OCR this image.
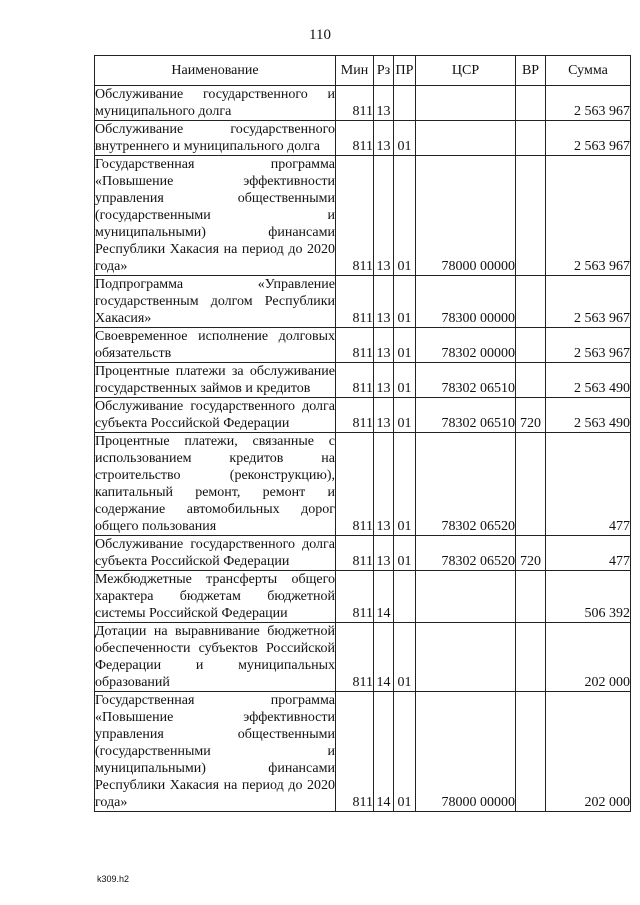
110
Наименование	Мин	Рз	ПР	ЦСР	ВР	Сумма
Обслуживание государственного и муниципального долга	811	13				2 563 967
Обслуживание государственного внутреннего и муниципального долга	811	13	01			2 563 967
Государственная программа «Повышение эффективности управления общественными (государственными и муниципальными) финансами Республики Хакасия на период до 2020 года»	811	13	01	78000 00000		2 563 967
Подпрограмма «Управление государственным долгом Республики Хакасия»	811	13	01	78300 00000		2 563 967
Своевременное исполнение долговых обязательств	811	13	01	78302 00000		2 563 967
Процентные платежи за обслуживание государственных займов и кредитов	811	13	01	78302 06510		2 563 490
Обслуживание государственного долга субъекта Российской Федерации	811	13	01	78302 06510	720	2 563 490
Процентные платежи, связанные с использованием кредитов на строительство (реконструкцию), капитальный ремонт, ремонт и содержание автомобильных дорог общего пользования	811	13	01	78302 06520		477
Обслуживание государственного долга субъекта Российской Федерации	811	13	01	78302 06520	720	477
Межбюджетные трансферты общего характера бюджетам бюджетной системы Российской Федерации	811	14				506 392
Дотации на выравнивание бюджетной обеспеченности субъектов Российской Федерации и муниципальных образований	811	14	01			202 000
Государственная программа «Повышение эффективности управления общественными (государственными и муниципальными) финансами Республики Хакасия на период до 2020 года»	811	14	01	78000 00000		202 000
k309.h2
